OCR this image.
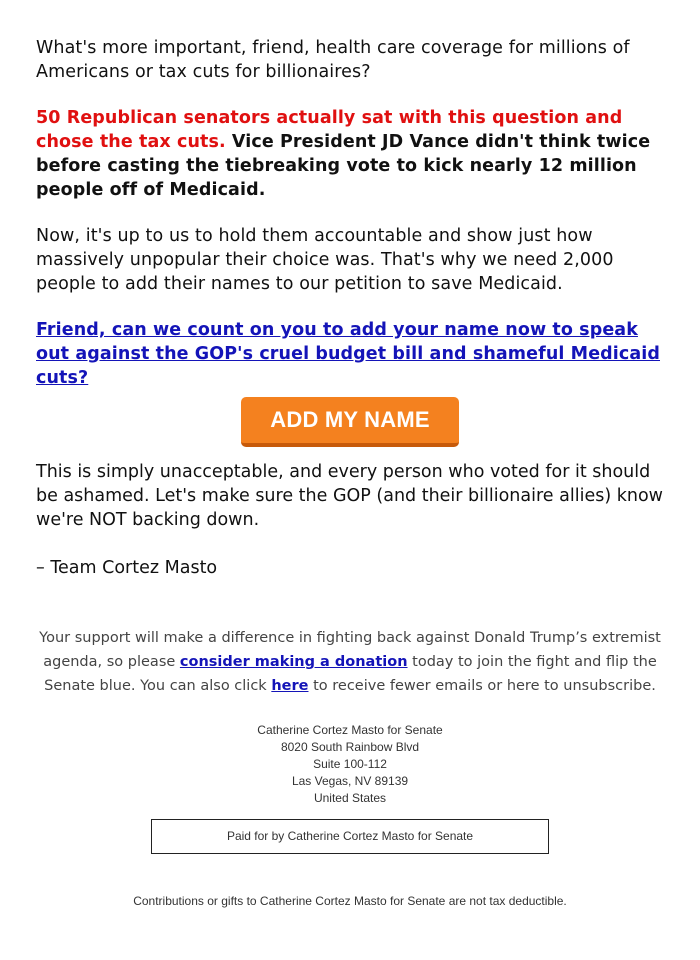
What's more important, friend, health care coverage for millions of Americans or tax cuts for billionaires?

50 Republican senators actually sat with this question and chose the tax cuts. Vice President JD Vance didn't think twice before casting the tiebreaking vote to kick nearly 12 million people off of Medicaid.

Now, it's up to us to hold them accountable and show just how massively unpopular their choice was. That's why we need 2,000 people to add their names to our petition to save Medicaid.

Friend, can we count on you to add your name now to speak out against the GOP's cruel budget bill and shameful Medicaid cuts?
ADD MY NAME

This is simply unacceptable, and every person who voted for it should be ashamed. Let's make sure the GOP (and their billionaire allies) know we're NOT backing down.

– Team Cortez Masto

Your support will make a difference in fighting back against Donald Trump’s extremist agenda, so please consider making a donation today to join the fight and flip the Senate blue. You can also click here to receive fewer emails or here to unsubscribe.
Catherine Cortez Masto for Senate
8020 South Rainbow Blvd
Suite 100-112
Las Vegas, NV 89139
United States
Paid for by Catherine Cortez Masto for Senate
Contributions or gifts to Catherine Cortez Masto for Senate are not tax deductible.
